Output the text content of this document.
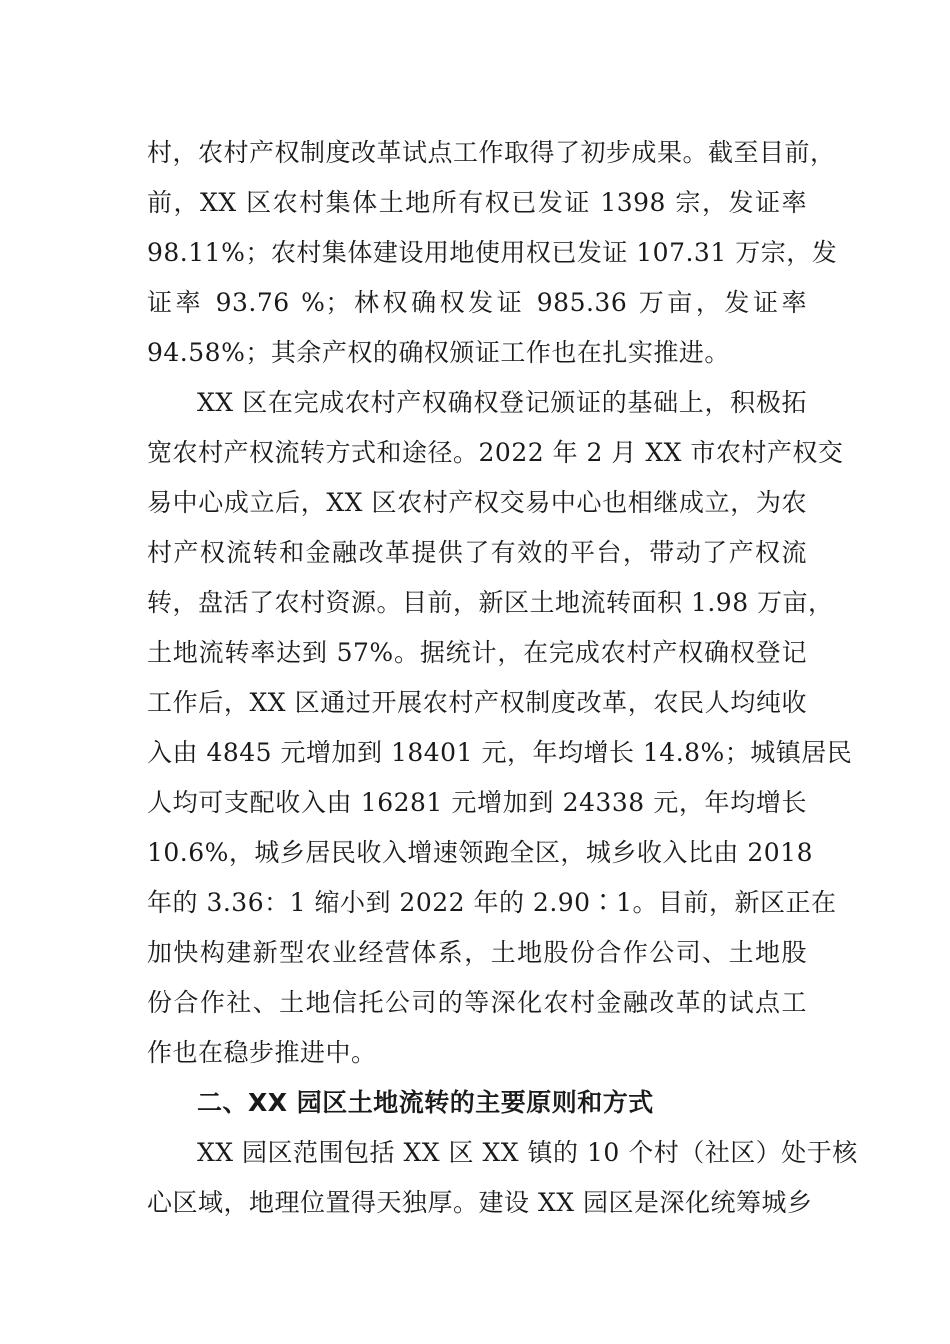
村，农村产权制度改革试点工作取得了初步成果。截至目前，
前，XX 区农村集体土地所有权已发证 1398 宗，发证率
98.11%；农村集体建设用地使用权已发证 107.31 万宗，发
证率 93.76 %；林权确权发证 985.36 万亩，发证率
94.58%；其余产权的确权颁证工作也在扎实推进。
XX 区在完成农村产权确权登记颁证的基础上，积极拓
宽农村产权流转方式和途径。2022 年 2 月 XX 市农村产权交
易中心成立后，XX 区农村产权交易中心也相继成立，为农
村产权流转和金融改革提供了有效的平台，带动了产权流
转，盘活了农村资源。目前，新区土地流转面积 1.98 万亩，
土地流转率达到 57%。据统计，在完成农村产权确权登记
工作后，XX 区通过开展农村产权制度改革，农民人均纯收
入由 4845 元增加到 18401 元，年均增长 14.8%；城镇居民
人均可支配收入由 16281 元增加到 24338 元，年均增长
10.6%，城乡居民收入增速领跑全区，城乡收入比由 2018
年的 3.36：1 缩小到 2022 年的 2.90∶1。目前，新区正在
加快构建新型农业经营体系，土地股份合作公司、土地股
份合作社、土地信托公司的等深化农村金融改革的试点工
作也在稳步推进中。
二、XX 园区土地流转的主要原则和方式
XX 园区范围包括 XX 区 XX 镇的 10 个村（社区）处于核
心区域，地理位置得天独厚。建设 XX 园区是深化统筹城乡
